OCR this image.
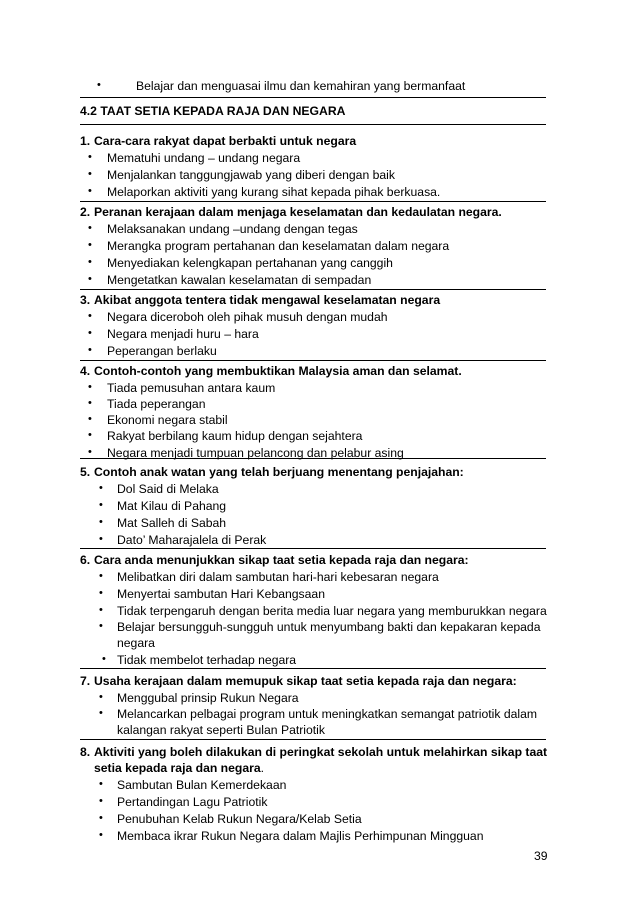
•	Belajar dan menguasai ilmu dan kemahiran yang bermanfaat
4.2 TAAT SETIA KEPADA RAJA DAN NEGARA
1. Cara-cara rakyat dapat berbakti untuk negara
• Mematuhi undang – undang negara
• Menjalankan tanggungjawab yang diberi dengan baik
• Melaporkan aktiviti yang kurang sihat kepada pihak berkuasa.
2. Peranan kerajaan dalam menjaga keselamatan dan kedaulatan negara.
• Melaksanakan undang –undang dengan tegas
• Merangka program pertahanan dan keselamatan dalam negara
• Menyediakan kelengkapan pertahanan yang canggih
• Mengetatkan kawalan keselamatan di sempadan
3. Akibat anggota tentera tidak mengawal keselamatan negara
• Negara diceroboh oleh pihak musuh dengan mudah
• Negara menjadi huru – hara
• Peperangan berlaku
4. Contoh-contoh yang membuktikan Malaysia aman dan selamat.
• Tiada pemusuhan antara kaum
• Tiada peperangan
• Ekonomi negara stabil
• Rakyat berbilang kaum hidup dengan sejahtera
• Negara menjadi tumpuan pelancong dan pelabur asing
5. Contoh anak watan yang telah berjuang menentang penjajahan:
• Dol Said di Melaka
• Mat Kilau di Pahang
• Mat Salleh di Sabah
• Dato’ Maharajalela di Perak
6. Cara anda menunjukkan sikap taat setia kepada raja dan negara:
• Melibatkan diri dalam sambutan hari-hari kebesaran negara
• Menyertai sambutan Hari Kebangsaan
• Tidak terpengaruh dengan berita media luar negara yang memburukkan negara
• Belajar bersungguh-sungguh untuk menyumbang bakti dan kepakaran kepada
negara
• Tidak membelot terhadap negara
7. Usaha kerajaan dalam memupuk sikap taat setia kepada raja dan negara:
• Menggubal prinsip Rukun Negara
• Melancarkan pelbagai program untuk meningkatkan semangat patriotik dalam
kalangan rakyat seperti Bulan Patriotik
8. Aktiviti yang boleh dilakukan di peringkat sekolah untuk melahirkan sikap taat
setia kepada raja dan negara.
• Sambutan Bulan Kemerdekaan
• Pertandingan Lagu Patriotik
• Penubuhan Kelab Rukun Negara/Kelab Setia
• Membaca ikrar Rukun Negara dalam Majlis Perhimpunan Mingguan
39
